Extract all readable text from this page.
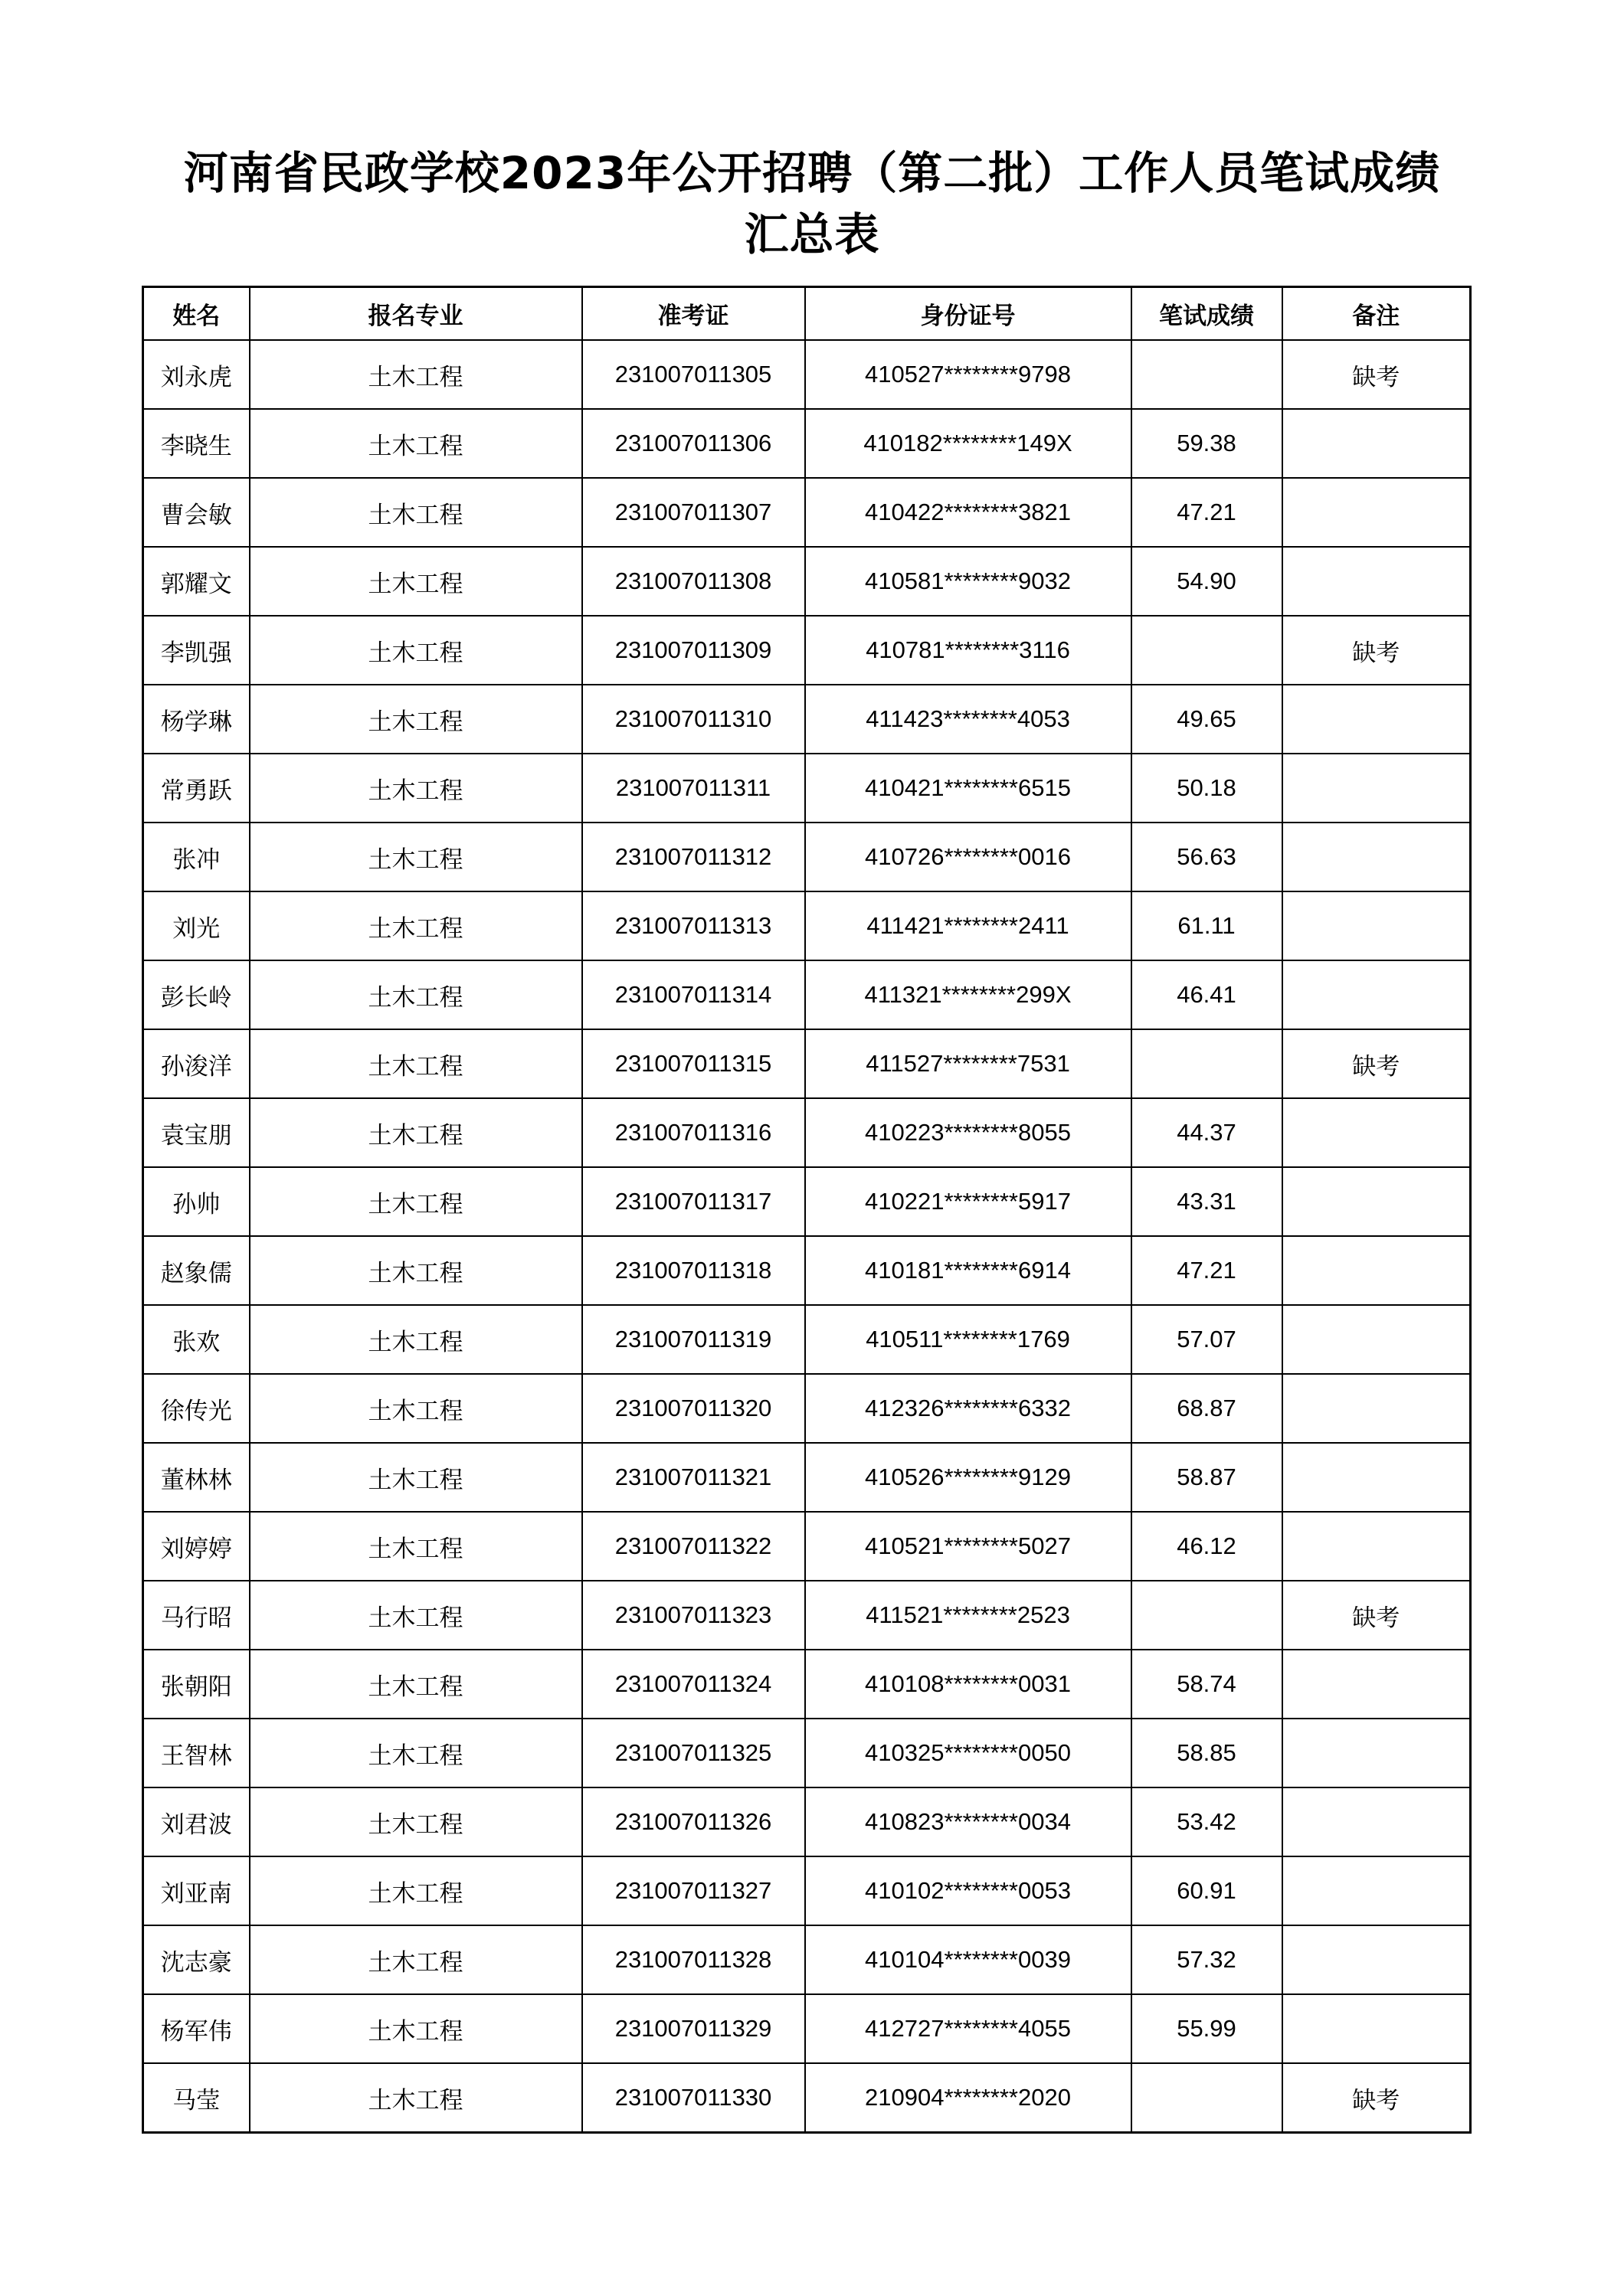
河南省民政学校2023年公开招聘（第二批）工作人员笔试成绩
汇总表
姓名	报名专业	准考证	身份证号	笔试成绩	备注
刘永虎	土木工程	231007011305	410527********9798		缺考
李晓生	土木工程	231007011306	410182********149X	59.38	
曹会敏	土木工程	231007011307	410422********3821	47.21	
郭耀文	土木工程	231007011308	410581********9032	54.90	
李凯强	土木工程	231007011309	410781********3116		缺考
杨学琳	土木工程	231007011310	411423********4053	49.65	
常勇跃	土木工程	231007011311	410421********6515	50.18	
张冲	土木工程	231007011312	410726********0016	56.63	
刘光	土木工程	231007011313	411421********2411	61.11	
彭长岭	土木工程	231007011314	411321********299X	46.41	
孙浚洋	土木工程	231007011315	411527********7531		缺考
袁宝朋	土木工程	231007011316	410223********8055	44.37	
孙帅	土木工程	231007011317	410221********5917	43.31	
赵象儒	土木工程	231007011318	410181********6914	47.21	
张欢	土木工程	231007011319	410511********1769	57.07	
徐传光	土木工程	231007011320	412326********6332	68.87	
董林林	土木工程	231007011321	410526********9129	58.87	
刘婷婷	土木工程	231007011322	410521********5027	46.12	
马行昭	土木工程	231007011323	411521********2523		缺考
张朝阳	土木工程	231007011324	410108********0031	58.74	
王智林	土木工程	231007011325	410325********0050	58.85	
刘君波	土木工程	231007011326	410823********0034	53.42	
刘亚南	土木工程	231007011327	410102********0053	60.91	
沈志豪	土木工程	231007011328	410104********0039	57.32	
杨军伟	土木工程	231007011329	412727********4055	55.99	
马莹	土木工程	231007011330	210904********2020		缺考
